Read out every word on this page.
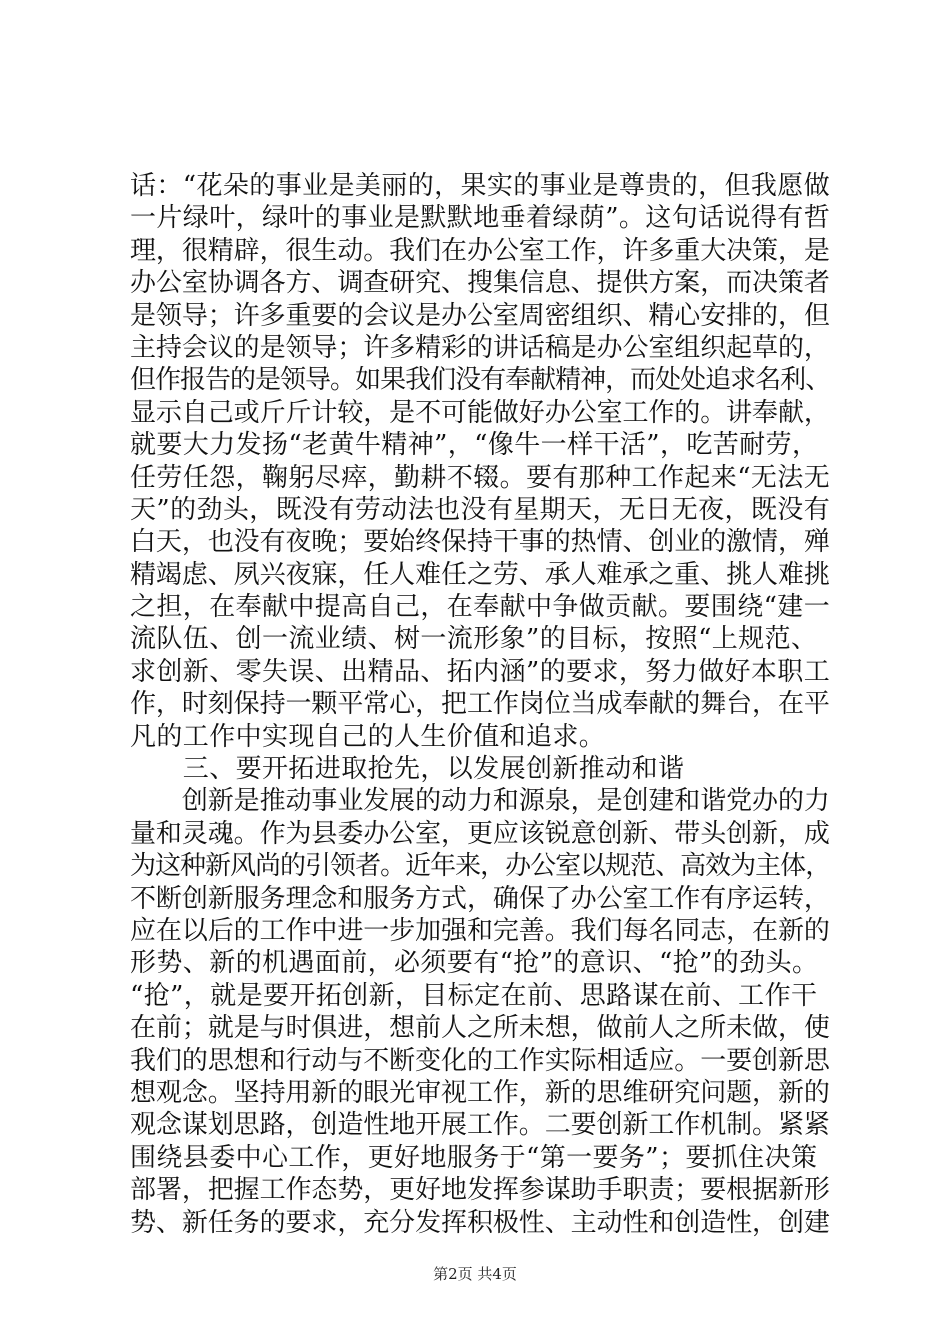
话：“花朵的事业是美丽的，果实的事业是尊贵的，但我愿做
一片绿叶，绿叶的事业是默默地垂着绿荫”。这句话说得有哲
理，很精辟，很生动。我们在办公室工作，许多重大决策，是
办公室协调各方、调查研究、搜集信息、提供方案，而决策者
是领导；许多重要的会议是办公室周密组织、精心安排的，但
主持会议的是领导；许多精彩的讲话稿是办公室组织起草的，
但作报告的是领导。如果我们没有奉献精神，而处处追求名利、
显示自己或斤斤计较，是不可能做好办公室工作的。讲奉献，
就要大力发扬“老黄牛精神”，“像牛一样干活”，吃苦耐劳，
任劳任怨，鞠躬尽瘁，勤耕不辍。要有那种工作起来“无法无
天”的劲头，既没有劳动法也没有星期天，无日无夜，既没有
白天，也没有夜晚；要始终保持干事的热情、创业的激情，殚
精竭虑、夙兴夜寐，任人难任之劳、承人难承之重、挑人难挑
之担，在奉献中提高自己，在奉献中争做贡献。要围绕“建一
流队伍、创一流业绩、树一流形象”的目标，按照“上规范、
求创新、零失误、出精品、拓内涵”的要求，努力做好本职工
作，时刻保持一颗平常心，把工作岗位当成奉献的舞台，在平
凡的工作中实现自己的人生价值和追求。
　　三、要开拓进取抢先，以发展创新推动和谐
　　创新是推动事业发展的动力和源泉，是创建和谐党办的力
量和灵魂。作为县委办公室，更应该锐意创新、带头创新，成
为这种新风尚的引领者。近年来，办公室以规范、高效为主体，
不断创新服务理念和服务方式，确保了办公室工作有序运转，
应在以后的工作中进一步加强和完善。我们每名同志，在新的
形势、新的机遇面前，必须要有“抢”的意识、“抢”的劲头。
“抢”，就是要开拓创新，目标定在前、思路谋在前、工作干
在前；就是与时俱进，想前人之所未想，做前人之所未做，使
我们的思想和行动与不断变化的工作实际相适应。一要创新思
想观念。坚持用新的眼光审视工作，新的思维研究问题，新的
观念谋划思路，创造性地开展工作。二要创新工作机制。紧紧
围绕县委中心工作，更好地服务于“第一要务”；要抓住决策
部署，把握工作态势，更好地发挥参谋助手职责；要根据新形
势、新任务的要求，充分发挥积极性、主动性和创造性，创建
第2页 共4页
